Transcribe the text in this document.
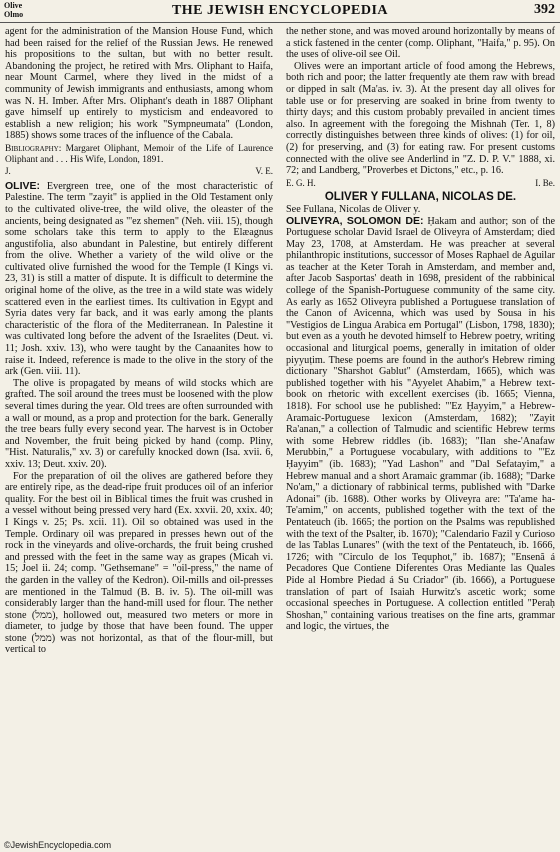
Olive
Olmo	THE JEWISH ENCYCLOPEDIA	392

agent for the administration of the Mansion House Fund, which had been raised for the relief of the Russian Jews. He renewed his propositions to the sultan, but with no better result. Abandoning the project, he retired with Mrs. Oliphant to Haifa, near Mount Carmel, where they lived in the midst of a community of Jewish immigrants and enthusiasts, among whom was N. H. Imber. After Mrs. Oliphant's death in 1887 Oliphant gave himself up entirely to mysticism and endeavored to establish a new religion; his work "Sympneumata" (London, 1885) shows some traces of the influence of the Cabala.

Bibliography: Margaret Oliphant, Memoir of the Life of Laurence Oliphant and . . . His Wife, London, 1891.
J.	V. E.

OLIVE: Evergreen tree, one of the most characteristic of Palestine. The term "zayit" is applied in the Old Testament only to the cultivated olive-tree, the wild olive, the oleaster of the ancients, being designated as "'ez shemen" (Neh. viii. 15), though some scholars take this term to apply to the Elæagnus angustifolia, also abundant in Palestine, but entirely different from the olive. Whether a variety of the wild olive or the cultivated olive furnished the wood for the Temple (I Kings vi. 23, 31) is still a matter of dispute. It is difficult to determine the original home of the olive, as the tree in a wild state was widely scattered even in the earliest times. Its cultivation in Egypt and Syria dates very far back, and it was early among the plants characteristic of the flora of the Mediterranean. In Palestine it was cultivated long before the advent of the Israelites (Deut. vi. 11; Josh. xxiv. 13), who were taught by the Canaanites how to raise it. Indeed, reference is made to the olive in the story of the ark (Gen. viii. 11).

The olive is propagated by means of wild stocks which are grafted. The soil around the trees must be loosened with the plow several times during the year. Old trees are often surrounded with a wall or mound, as a prop and protection for the bark. Generally the tree bears fully every second year. The harvest is in October and November, the fruit being picked by hand (comp. Pliny, "Hist. Naturalis," xv. 3) or carefully knocked down (Isa. xvii. 6, xxiv. 13; Deut. xxiv. 20).

For the preparation of oil the olives are gathered before they are entirely ripe, as the dead-ripe fruit produces oil of an inferior quality. For the best oil in Biblical times the fruit was crushed in a vessel without being pressed very hard (Ex. xxvii. 20, xxix. 40; I Kings v. 25; Ps. xcii. 11). Oil so obtained was used in the Temple. Ordinary oil was prepared in presses hewn out of the rock in the vineyards and olive-orchards, the fruit being crushed and pressed with the feet in the same way as grapes (Micah vi. 15; Joel ii. 24; comp. "Gethsemane" = "oil-press," the name of the garden in the valley of the Kedron). Oil-mills and oil-presses are mentioned in the Talmud (B. B. iv. 5). The oil-mill was considerably larger than the hand-mill used for flour. The nether stone (ממל), hollowed out, measured two meters or more in diameter, to judge by those that have been found. The upper stone (ממל) was not horizontal, as that of the flour-mill, but vertical to

the nether stone, and was moved around horizontally by means of a stick fastened in the center (comp. Oliphant, "Haifa," p. 95). On the uses of olive-oil see Oil.

Olives were an important article of food among the Hebrews, both rich and poor; the latter frequently ate them raw with bread or dipped in salt (Ma'as. iv. 3). At the present day all olives for table use or for preserving are soaked in brine from twenty to thirty days; and this custom probably prevailed in ancient times also. In agreement with the foregoing the Mishnah (Ter. 1, 8) correctly distinguishes between three kinds of olives: (1) for oil, (2) for preserving, and (3) for eating raw. For present customs connected with the olive see Anderlind in "Z. D. P. V." 1888, xi. 72; and Landberg, "Proverbes et Dictons," etc., p. 16.

E. G. H.	I. Be.
OLIVER Y FULLANA, NICOLAS DE.

See Fullana, Nicolas de Oliver y.

OLIVEYRA, SOLOMON DE: Ḥakam and author; son of the Portuguese scholar David Israel de Oliveyra of Amsterdam; died May 23, 1708, at Amsterdam. He was preacher at several philanthropic institutions, successor of Moses Raphael de Aguilar as teacher at the Keter Torah in Amsterdam, and member and, after Jacob Sasportas' death in 1698, president of the rabbinical college of the Spanish-Portuguese community of the same city. As early as 1652 Oliveyra published a Portuguese translation of the Canon of Avicenna, which was used by Sousa in his "Vestigios de Lingua Arabica em Portugal" (Lisbon, 1798, 1830); but even as a youth he devoted himself to Hebrew poetry, writing occasional and liturgical poems, generally in imitation of older piyyuṭim. These poems are found in the author's Hebrew riming dictionary "Sharshot Gablut" (Amsterdam, 1665), which was published together with his "Ayyelet Ahabim," a Hebrew text-book on rhetoric with excellent exercises (ib. 1665; Vienna, 1818). For school use he published: "'Ez Ḥayyim," a Hebrew-Aramaic-Portuguese lexicon (Amsterdam, 1682); "Zayit Ra'anan," a collection of Talmudic and scientific Hebrew terms with some Hebrew riddles (ib. 1683); "Ilan she-'Anafaw Merubbin," a Portuguese vocabulary, with additions to "'Ez Ḥayyim" (ib. 1683); "Yad Lashon" and "Dal Sefatayim," a Hebrew manual and a short Aramaic grammar (ib. 1688); "Darke No'am," a dictionary of rabbinical terms, published with "Darke Adonai" (ib. 1688). Other works by Oliveyra are: "Ta'ame ha-Te'amim," on accents, published together with the text of the Pentateuch (ib. 1665; the portion on the Psalms was republished with the text of the Psalter, ib. 1670); "Calendario Fazil y Curioso de las Tablas Lunares" (with the text of the Pentateuch, ib. 1666, 1726; with "Circulo de los Tequphot," ib. 1687); "Ensenã á Pecadores Que Contiene Diferentes Oras Mediante las Quales Pide al Hombre Piedad á Su Criador" (ib. 1666), a Portuguese translation of part of Isaiah Hurwitz's ascetic work; some occasional speeches in Portuguese. A collection entitled "Peraḥ Shoshan," containing various treatises on the fine arts, grammar and logic, the virtues, the

©JewishEncyclopedia.com
